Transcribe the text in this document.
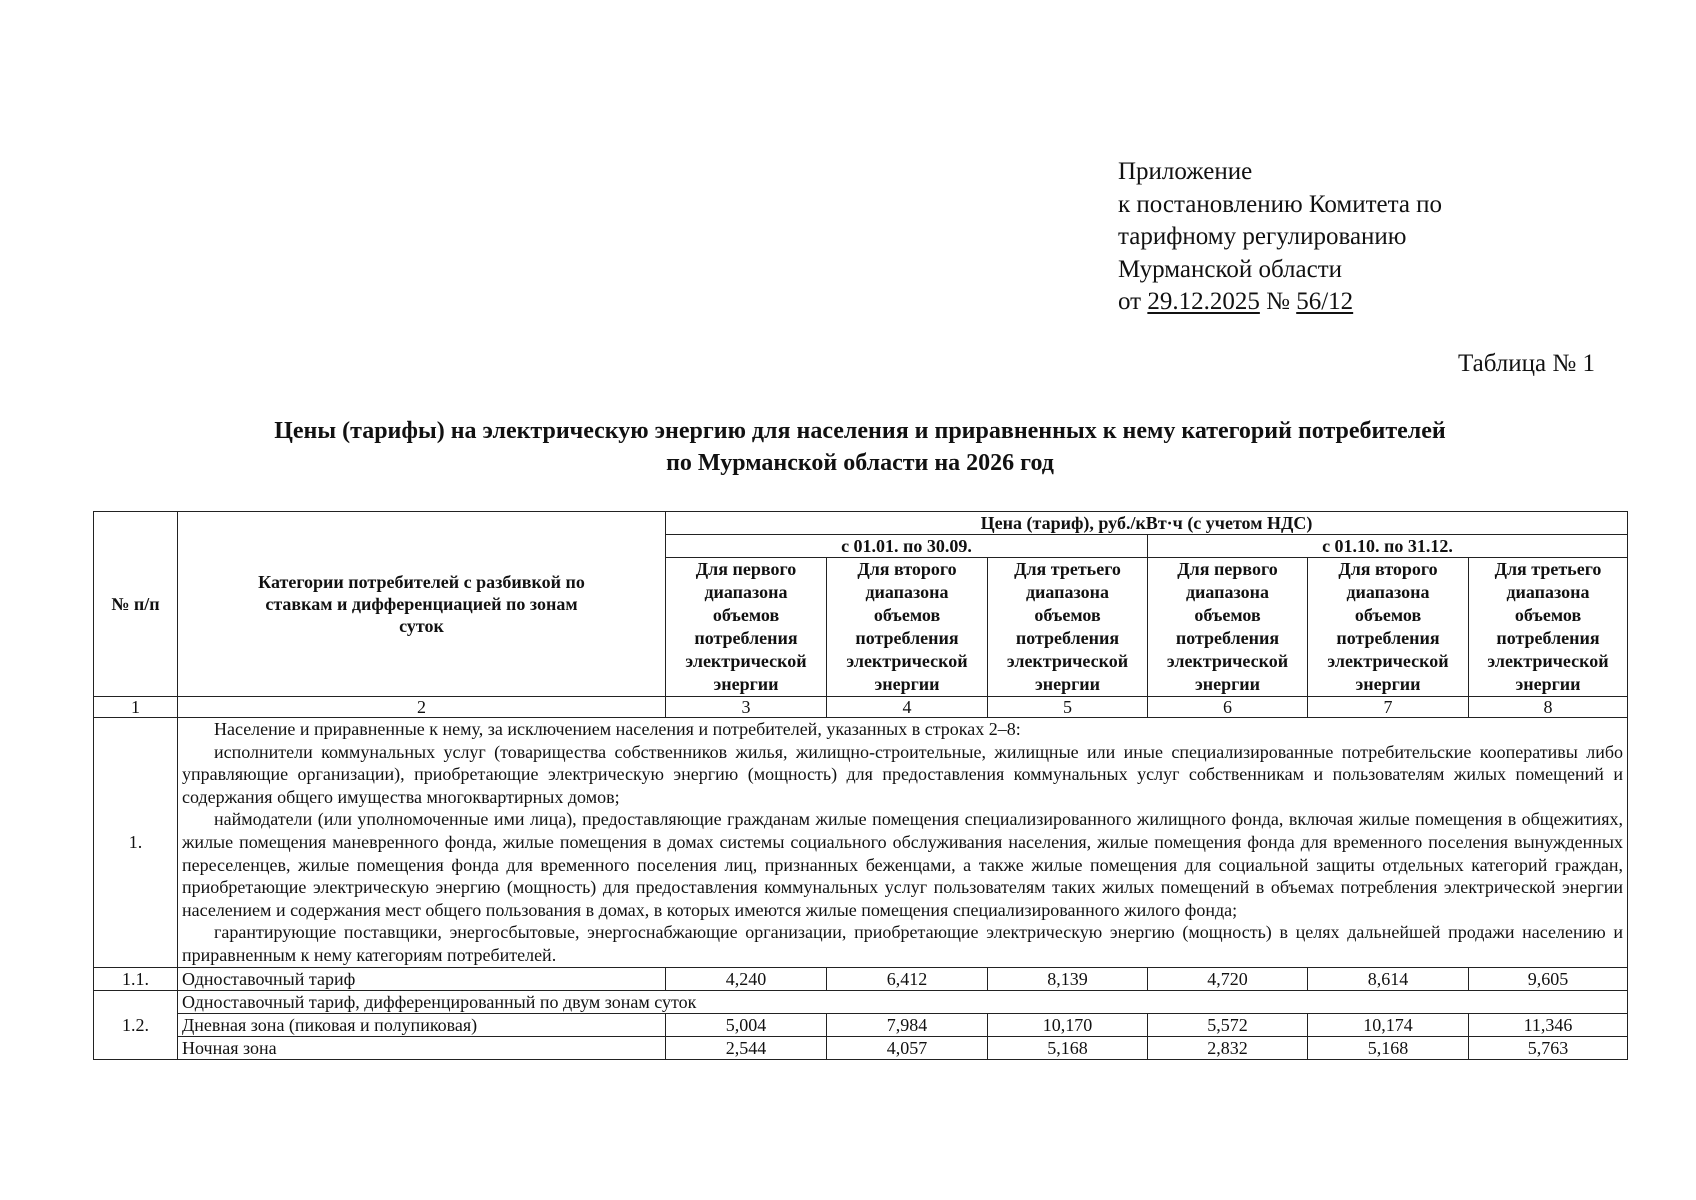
Приложение
к постановлению Комитета по
тарифному регулированию
Мурманской области
от 29.12.2025 № 56/12
Таблица № 1
Цены (тарифы) на электрическую энергию для населения и приравненных к нему категорий потребителей
по Мурманской области на 2026 год
№ п/п	Категории потребителей с разбивкой по ставкам и дифференциацией по зонам суток	Цена (тариф), руб./кВт·ч (с учетом НДС)					
		с 01.01. по 30.09.			с 01.10. по 31.12.		
		Для первого диапазона объемов потребления электрической энергии	Для второго диапазона объемов потребления электрической энергии	Для третьего диапазона объемов потребления электрической энергии	Для первого диапазона объемов потребления электрической энергии	Для второго диапазона объемов потребления электрической энергии	Для третьего диапазона объемов потребления электрической энергии
1	2	3	4	5	6	7	8
1.	Население и приравненные к нему, за исключением населения и потребителей, указанных в строках 2–8:

исполнители коммунальных услуг (товарищества собственников жилья, жилищно-строительные, жилищные или иные специализированные потребительские кооперативы либо управляющие организации), приобретающие электрическую энергию (мощность) для предоставления коммунальных услуг собственникам и пользователям жилых помещений и содержания общего имущества многоквартирных домов;

наймодатели (или уполномоченные ими лица), предоставляющие гражданам жилые помещения специализированного жилищного фонда, включая жилые помещения в общежитиях, жилые помещения маневренного фонда, жилые помещения в домах системы социального обслуживания населения, жилые помещения фонда для временного поселения вынужденных переселенцев, жилые помещения фонда для временного поселения лиц, признанных беженцами, а также жилые помещения для социальной защиты отдельных категорий граждан, приобретающие электрическую энергию (мощность) для предоставления коммунальных услуг пользователям таких жилых помещений в объемах потребления электрической энергии населением и содержания мест общего пользования в домах, в которых имеются жилые помещения специализированного жилого фонда;

гарантирующие поставщики, энергосбытовые, энергоснабжающие организации, приобретающие электрическую энергию (мощность) в целях дальнейшей продажи населению и приравненным к нему категориям потребителей.						

1.1.	Одноставочный тариф	4,240	6,412	8,139	4,720	8,614	9,605
1.2.	Одноставочный тариф, дифференцированный по двум зонам суток						
	Дневная зона (пиковая и полупиковая)	5,004	7,984	10,170	5,572	10,174	11,346
	Ночная зона	2,544	4,057	5,168	2,832	5,168	5,763
